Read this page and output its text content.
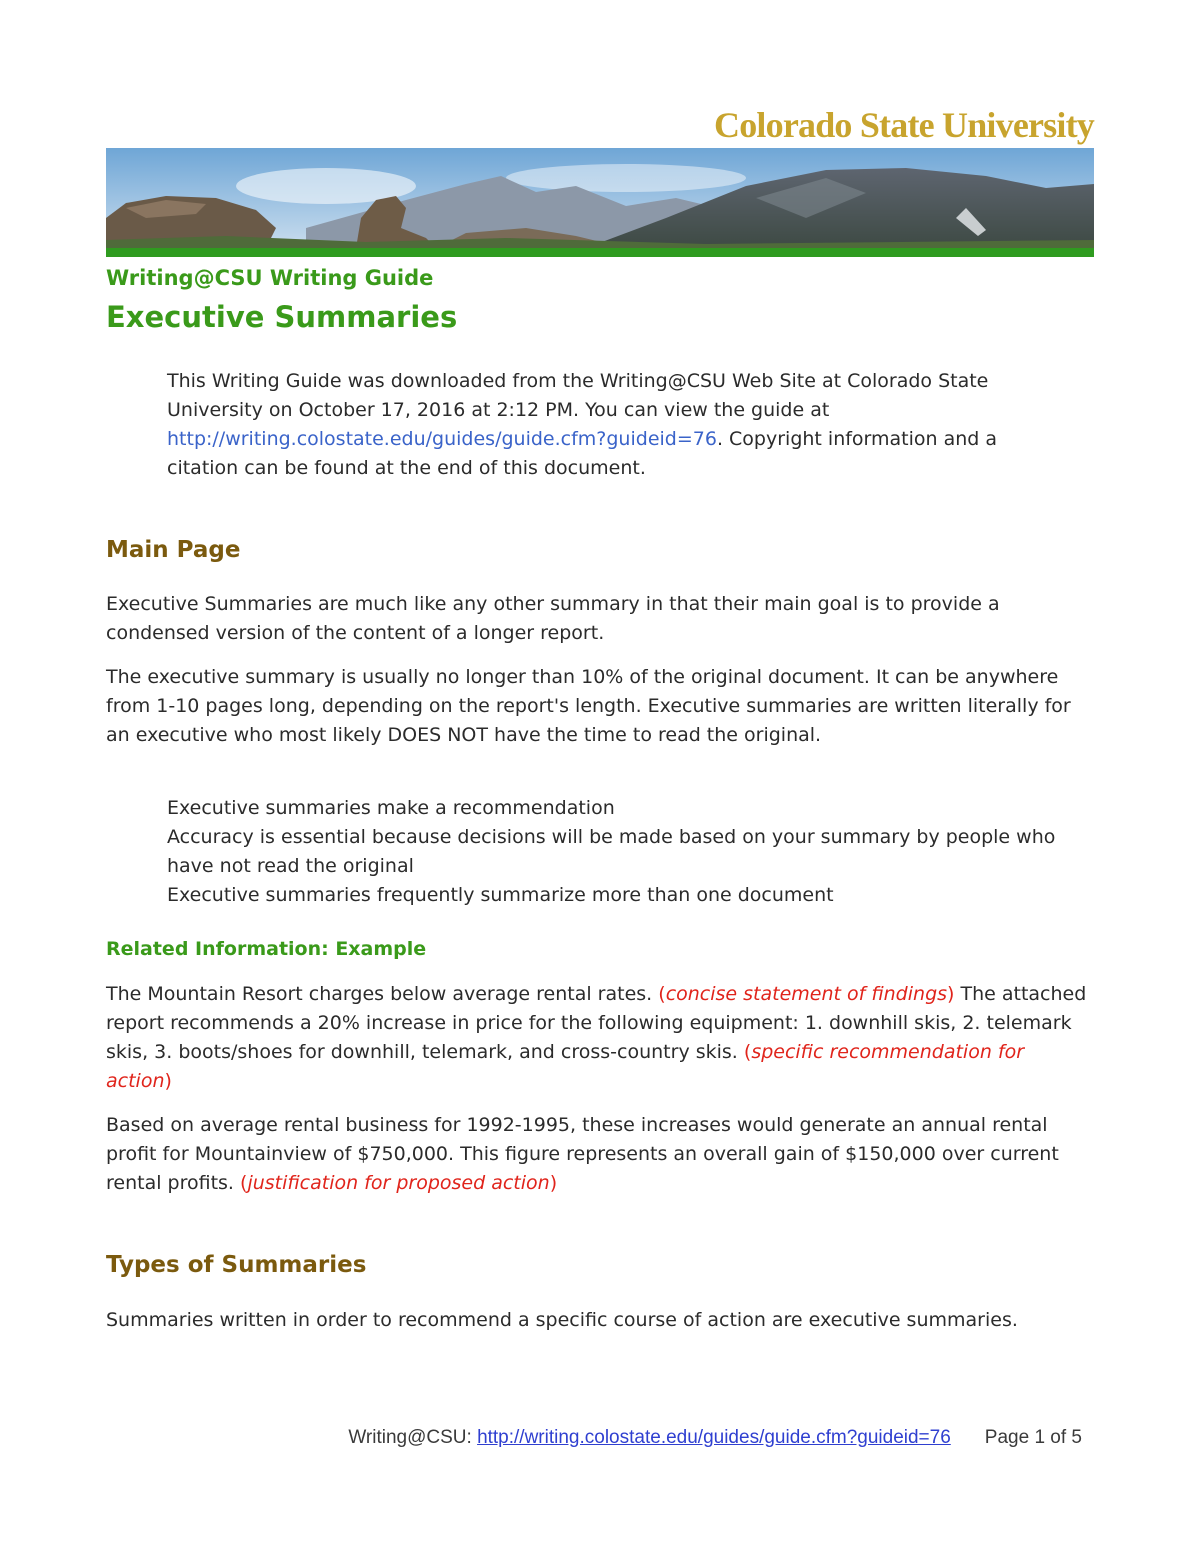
Colorado State University
Writing@CSU Writing Guide
Executive Summaries

This Writing Guide was downloaded from the Writing@CSU Web Site at Colorado State University on October 17, 2016 at 2:12 PM. You can view the guide at http://writing.colostate.edu/guides/guide.cfm?guideid=76. Copyright information and a citation can be found at the end of this document.

Main Page

Executive Summaries are much like any other summary in that their main goal is to provide a condensed version of the content of a longer report.

The executive summary is usually no longer than 10% of the original document. It can be anywhere from 1-10 pages long, depending on the report's length. Executive summaries are written literally for an executive who most likely DOES NOT have the time to read the original.

Executive summaries make a recommendation
Accuracy is essential because decisions will be made based on your summary by people who have not read the original
Executive summaries frequently summarize more than one document
Related Information: Example

The Mountain Resort charges below average rental rates. (concise statement of findings) The attached report recommends a 20% increase in price for the following equipment: 1. downhill skis, 2. telemark skis, 3. boots/shoes for downhill, telemark, and cross-country skis. (specific recommendation for action)

Based on average rental business for 1992-1995, these increases would generate an annual rental profit for Mountainview of $750,000. This figure represents an overall gain of $150,000 over current rental profits. (justification for proposed action)

Types of Summaries

Summaries written in order to recommend a specific course of action are executive summaries.

Writing@CSU: http://writing.colostate.edu/guides/guide.cfm?guideid=76 Page 1 of 5
